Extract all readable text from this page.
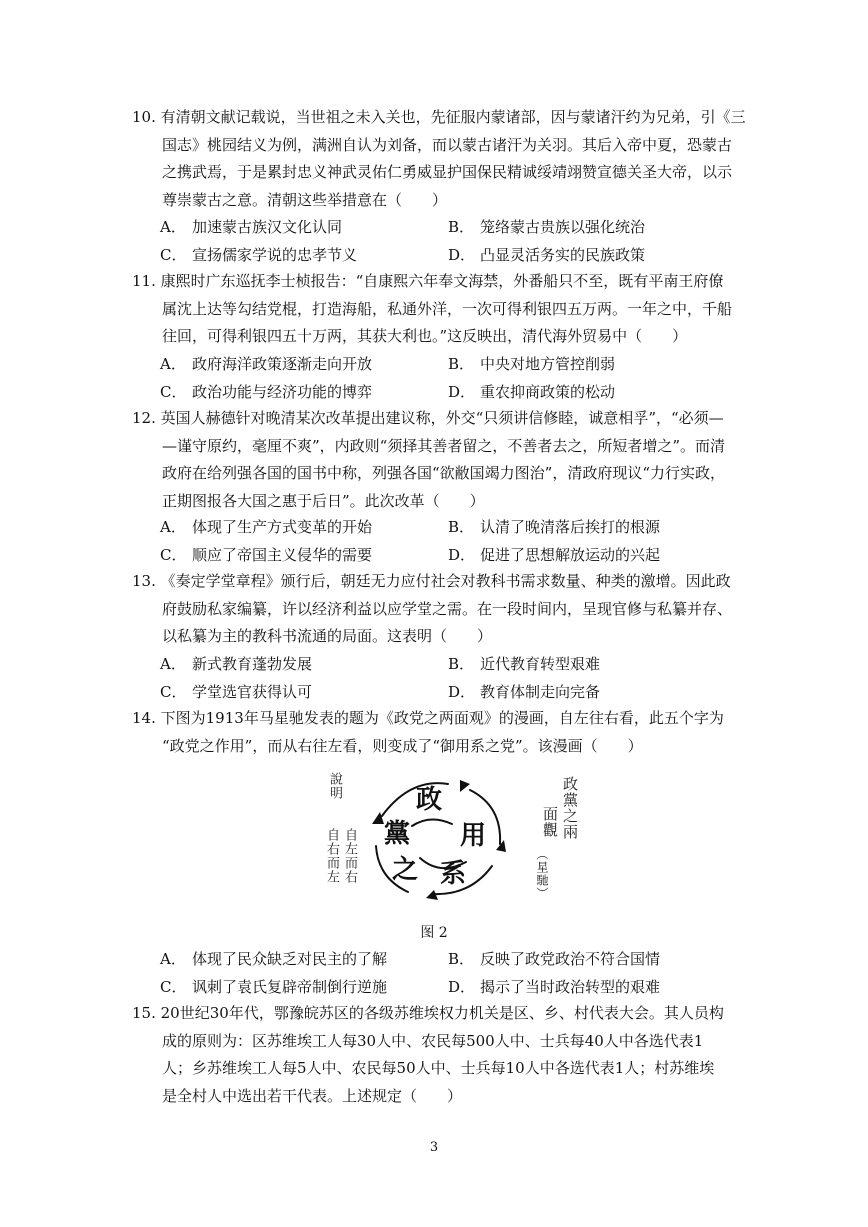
10. 有清朝文献记载说，当世祖之未入关也，先征服内蒙诸部，因与蒙诸汗约为兄弟，引《三
国志》桃园结义为例，满洲自认为刘备，而以蒙古诸汗为关羽。其后入帝中夏，恐蒙古
之携武焉，于是累封忠义神武灵佑仁勇威显护国保民精诚绥靖翊赞宣德关圣大帝，以示
尊崇蒙古之意。清朝这些举措意在（　　）
A． 加速蒙古族汉文化认同	B． 笼络蒙古贵族以强化统治
C． 宣扬儒家学说的忠孝节义	D． 凸显灵活务实的民族政策
11. 康熙时广东巡抚李士桢报告：“自康熙六年奉文海禁，外番船只不至，既有平南王府僚
属沈上达等勾结党棍，打造海船，私通外洋，一次可得利银四五万两。一年之中，千船
往回，可得利银四五十万两，其获大利也。”这反映出，清代海外贸易中（　　）
A． 政府海洋政策逐渐走向开放	B． 中央对地方管控削弱
C． 政治功能与经济功能的博弈	D． 重农抑商政策的松动
12. 英国人赫德针对晚清某次改革提出建议称，外交“只须讲信修睦，诚意相孚”，“必须—
—谨守原约，毫厘不爽”，内政则“须择其善者留之，不善者去之，所短者增之”。而清
政府在给列强各国的国书中称，列强各国“欲敝国竭力图治”，清政府现议“力行实政，
正期图报各大国之惠于后日”。此次改革（　　）
A． 体现了生产方式变革的开始	B． 认清了晚清落后挨打的根源
C． 顺应了帝国主义侵华的需要	D． 促进了思想解放运动的兴起
13. 《奏定学堂章程》颁行后，朝廷无力应付社会对教科书需求数量、种类的激增。因此政
府鼓励私家编纂，许以经济利益以应学堂之需。在一段时间内，呈现官修与私纂并存、
以私纂为主的教科书流通的局面。这表明（　　）
A． 新式教育蓬勃发展	B． 近代教育转型艰难
C． 学堂选官获得认可	D． 教育体制走向完备
14. 下图为1913年马星驰发表的题为《政党之两面观》的漫画，自左往右看，此五个字为
“政党之作用”，而从右往左看，则变成了“御用系之党”。该漫画（　　）
政
用
系
之
黨
說明
自左而右
自右而左
政黨之兩
面觀
（星馳）
图 2
A． 体现了民众缺乏对民主的了解	B． 反映了政党政治不符合国情
C． 讽刺了袁氏复辟帝制倒行逆施	D． 揭示了当时政治转型的艰难
15. 20世纪30年代，鄂豫皖苏区的各级苏维埃权力机关是区、乡、村代表大会。其人员构
成的原则为：区苏维埃工人每30人中、农民每500人中、士兵每40人中各选代表1
人；乡苏维埃工人每5人中、农民每50人中、士兵每10人中各选代表1人；村苏维埃
是全村人中选出若干代表。上述规定（　　）
3
